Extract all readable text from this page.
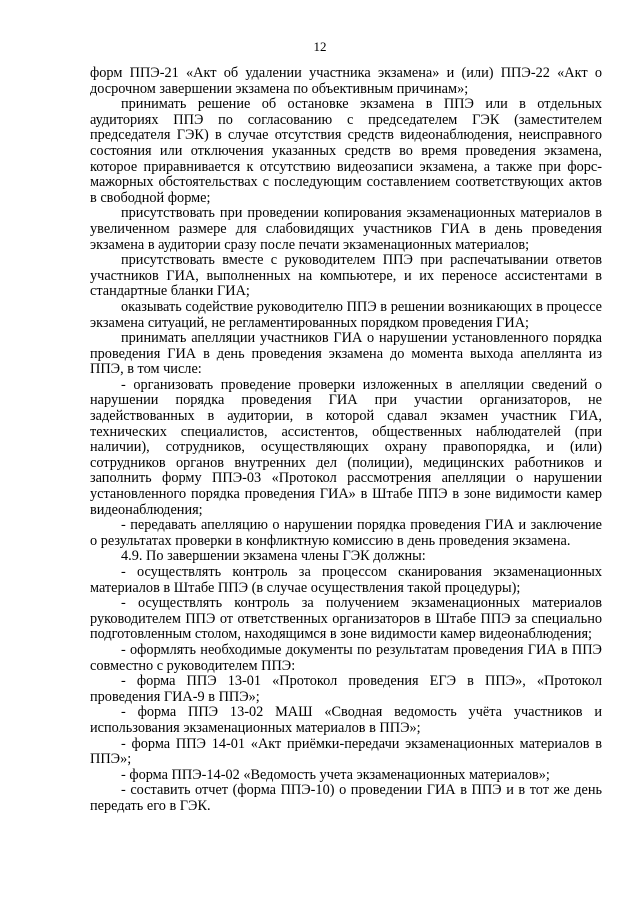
12

форм ППЭ-21 «Акт об удалении участника экзамена» и (или) ППЭ-22 «Акт о досрочном завершении экзамена по объективным причинам»;

принимать решение об остановке экзамена в ППЭ или в отдельных аудиториях ППЭ по согласованию с председателем ГЭК (заместителем председателя ГЭК) в случае отсутствия средств видеонаблюдения, неисправного состояния или отключения указанных средств во время проведения экзамена, которое приравнивается к отсутствию видеозаписи экзамена, а также при форс-мажорных обстоятельствах с последующим составлением соответствующих актов в свободной форме;

присутствовать при проведении копирования экзаменационных материалов в увеличенном размере для слабовидящих участников ГИА в день проведения экзамена в аудитории сразу после печати экзаменационных материалов;

присутствовать вместе с руководителем ППЭ при распечатывании ответов участников ГИА, выполненных на компьютере, и их переносе ассистентами в стандартные бланки ГИА;

оказывать содействие руководителю ППЭ в решении возникающих в процессе экзамена ситуаций, не регламентированных порядком проведения ГИА;

принимать апелляции участников ГИА о нарушении установленного порядка проведения ГИА в день проведения экзамена до момента выхода апеллянта из ППЭ, в том числе:

- организовать проведение проверки изложенных в апелляции сведений о нарушении порядка проведения ГИА при участии организаторов, не задействованных в аудитории, в которой сдавал экзамен участник ГИА, технических специалистов, ассистентов, общественных наблюдателей (при наличии), сотрудников, осуществляющих охрану правопорядка, и (или) сотрудников органов внутренних дел (полиции), медицинских работников и заполнить форму ППЭ-03 «Протокол рассмотрения апелляции о нарушении установленного порядка проведения ГИА» в Штабе ППЭ в зоне видимости камер видеонаблюдения;

- передавать апелляцию о нарушении порядка проведения ГИА и заключение о результатах проверки в конфликтную комиссию в день проведения экзамена.

4.9. По завершении экзамена члены ГЭК должны:

- осуществлять контроль за процессом сканирования экзаменационных материалов в Штабе ППЭ (в случае осуществления такой процедуры);

- осуществлять контроль за получением экзаменационных материалов руководителем ППЭ от ответственных организаторов в Штабе ППЭ за специально подготовленным столом, находящимся в зоне видимости камер видеонаблюдения;

- оформлять необходимые документы по результатам проведения ГИА в ППЭ совместно с руководителем ППЭ:

- форма ППЭ 13-01 «Протокол проведения ЕГЭ в ППЭ», «Протокол проведения ГИА-9 в ППЭ»;

- форма ППЭ 13-02 МАШ «Сводная ведомость учёта участников и использования экзаменационных материалов в ППЭ»;

- форма ППЭ 14-01 «Акт приёмки-передачи экзаменационных материалов в ППЭ»;

- форма ППЭ-14-02 «Ведомость учета экзаменационных материалов»;

- составить отчет (форма ППЭ-10) о проведении ГИА в ППЭ и в тот же день передать его в ГЭК.
